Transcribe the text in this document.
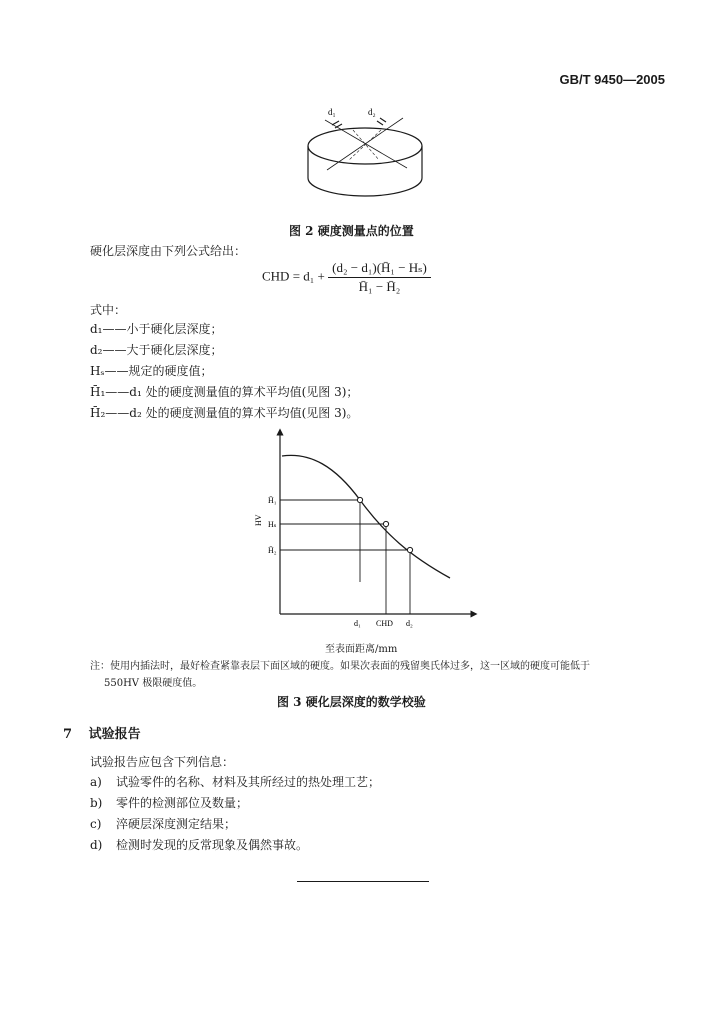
GB/T 9450—2005
d₁	d₂
图 2 硬度测量点的位置
硬化层深度由下列公式给出：
CHD = $d_1 + \frac{\text{(d₂ − d₁)(H̄₁ − Hₛ)}}{\text{H̄₁ − H̄₂}}$
式中：
d₁——小于硬化层深度；
d₂——大于硬化层深度；
Hₛ——规定的硬度值；
H̄₁——d₁ 处的硬度测量值的算术平均值(见图 3)；
H̄₂——d₂ 处的硬度测量值的算术平均值(见图 3)。
HV
H̄₁
Hₛ
H̄₂
d₁ CHD d₂
至表面距离/mm
注：使用内插法时，最好检查紧靠表层下面区域的硬度。如果次表面的残留奥氏体过多，这一区域的硬度可能低于
550HV 极限硬度值。
图 3 硬化层深度的数学校验
7 试验报告
试验报告应包含下列信息：
a) 试验零件的名称、材料及其所经过的热处理工艺；
b) 零件的检测部位及数量；
c) 淬硬层深度测定结果；
d) 检测时发现的反常现象及偶然事故。
